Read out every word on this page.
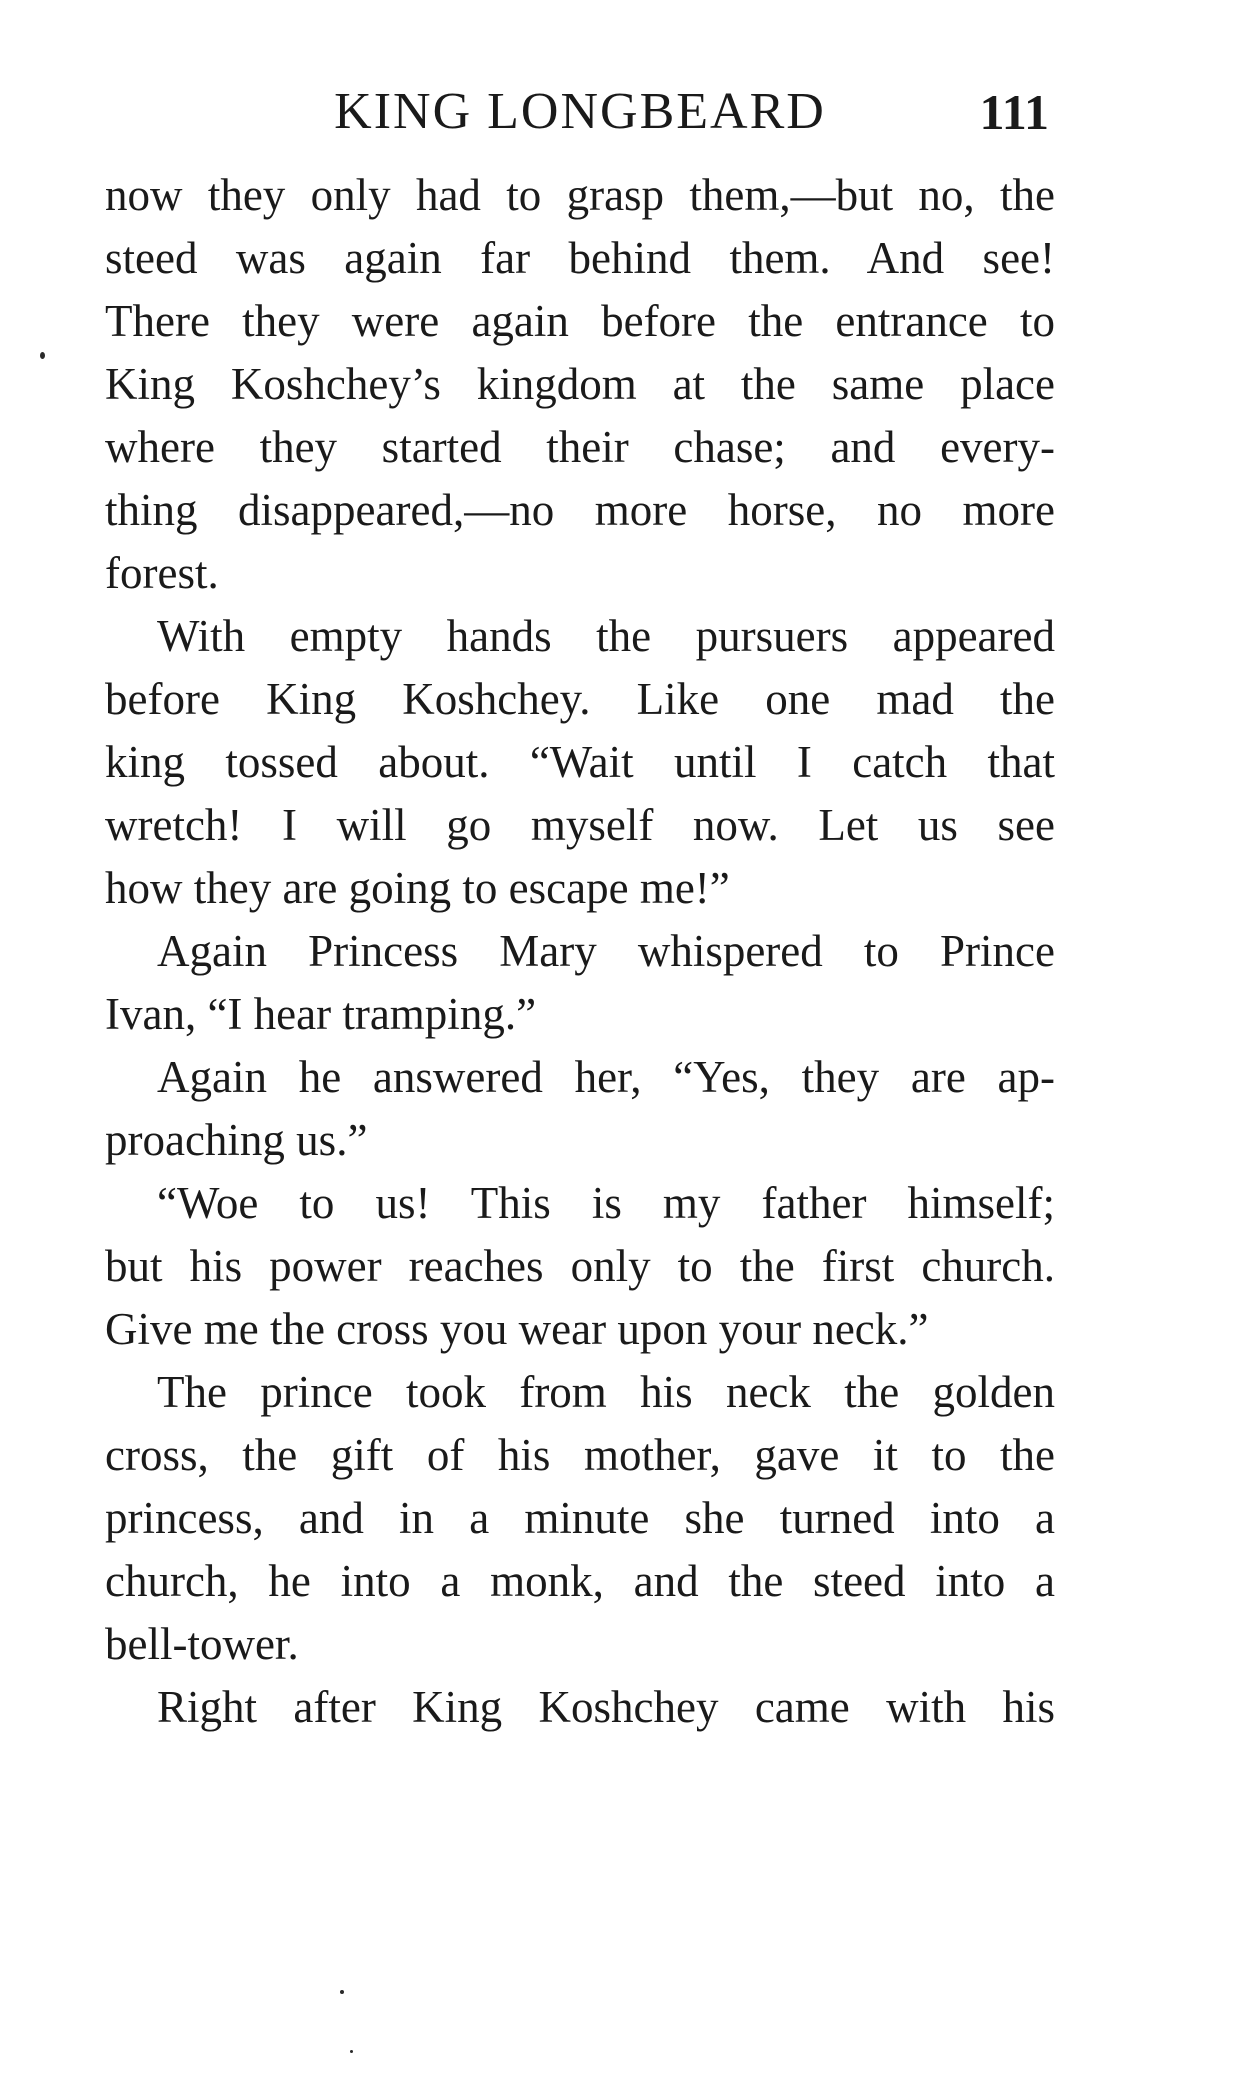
KING LONGBEARD	111
now they only had to grasp them,—but no, the
steed was again far behind them. And see!
There they were again before the entrance to
King Koshchey’s kingdom at the same place
where they started their chase; and every-
thing disappeared,—no more horse, no more
forest.
With empty hands the pursuers appeared
before King Koshchey. Like one mad the
king tossed about. “Wait until I catch that
wretch! I will go myself now. Let us see
how they are going to escape me!”
Again Princess Mary whispered to Prince
Ivan, “I hear tramping.”
Again he answered her, “Yes, they are ap-
proaching us.”
“Woe to us! This is my father himself;
but his power reaches only to the first church.
Give me the cross you wear upon your neck.”
The prince took from his neck the golden
cross, the gift of his mother, gave it to the
princess, and in a minute she turned into a
church, he into a monk, and the steed into a
bell-tower.
Right after King Koshchey came with his
